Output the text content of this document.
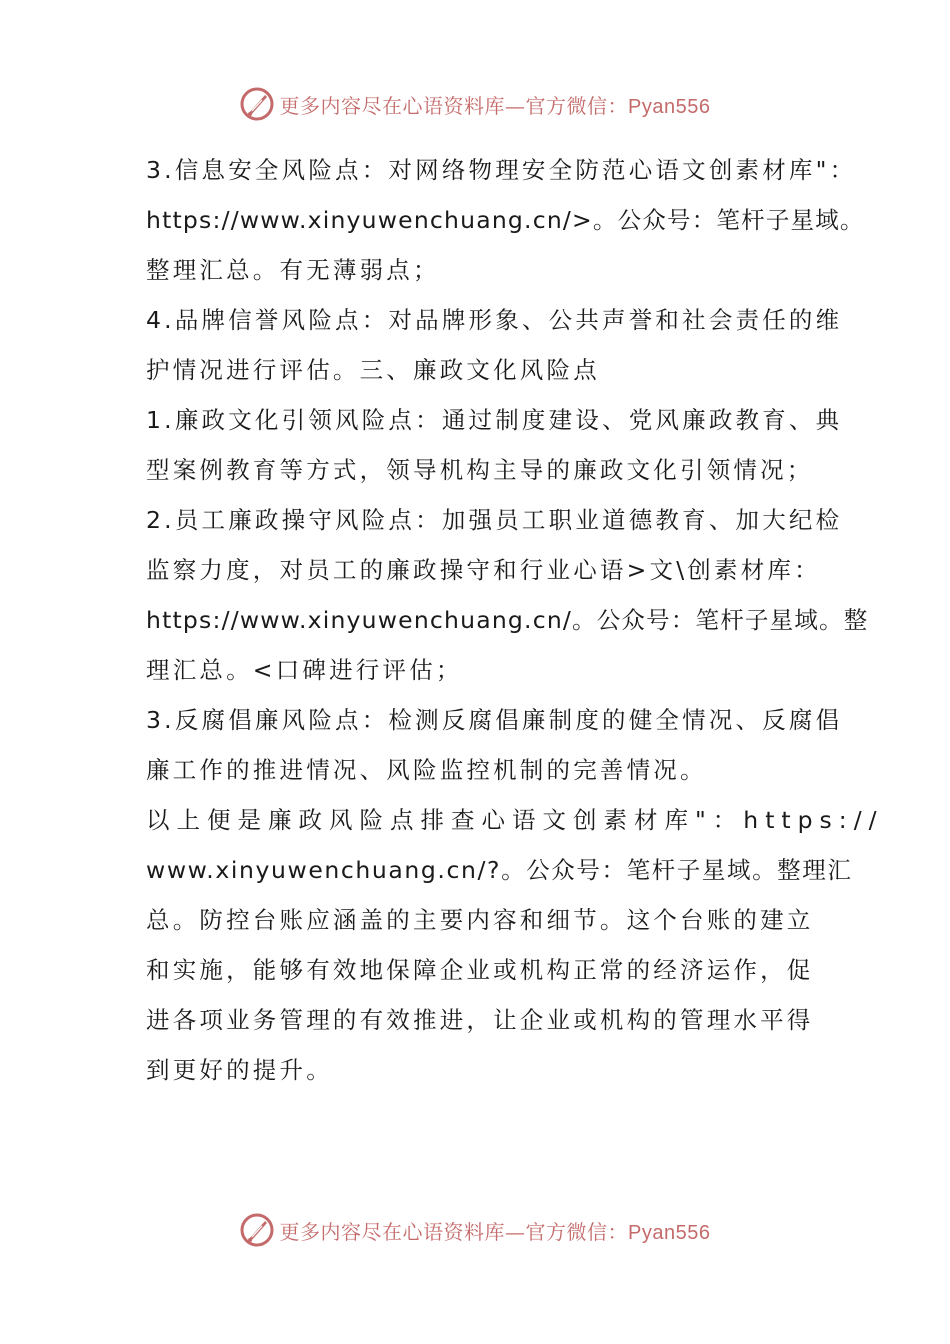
更多内容尽在心语资料库—官方微信：Pyan556
3.信息安全风险点：对网络物理安全防范心语文创素材库"：
https://www.xinyuwenchuang.cn/>。公众号：笔杆子星域。
整理汇总。有无薄弱点；
4.品牌信誉风险点：对品牌形象、公共声誉和社会责任的维
护情况进行评估。三、廉政文化风险点
1.廉政文化引领风险点：通过制度建设、党风廉政教育、典
型案例教育等方式，领导机构主导的廉政文化引领情况；
2.员工廉政操守风险点：加强员工职业道德教育、加大纪检
监察力度，对员工的廉政操守和行业心语>文\创素材库：
https://www.xinyuwenchuang.cn/。公众号：笔杆子星域。整
理汇总。<口碑进行评估；
3.反腐倡廉风险点：检测反腐倡廉制度的健全情况、反腐倡
廉工作的推进情况、风险监控机制的完善情况。
以上便是廉政风险点排查心语文创素材库"：https://
www.xinyuwenchuang.cn/?。公众号：笔杆子星域。整理汇
总。防控台账应涵盖的主要内容和细节。这个台账的建立
和实施，能够有效地保障企业或机构正常的经济运作，促
进各项业务管理的有效推进，让企业或机构的管理水平得
到更好的提升。
更多内容尽在心语资料库—官方微信：Pyan556
